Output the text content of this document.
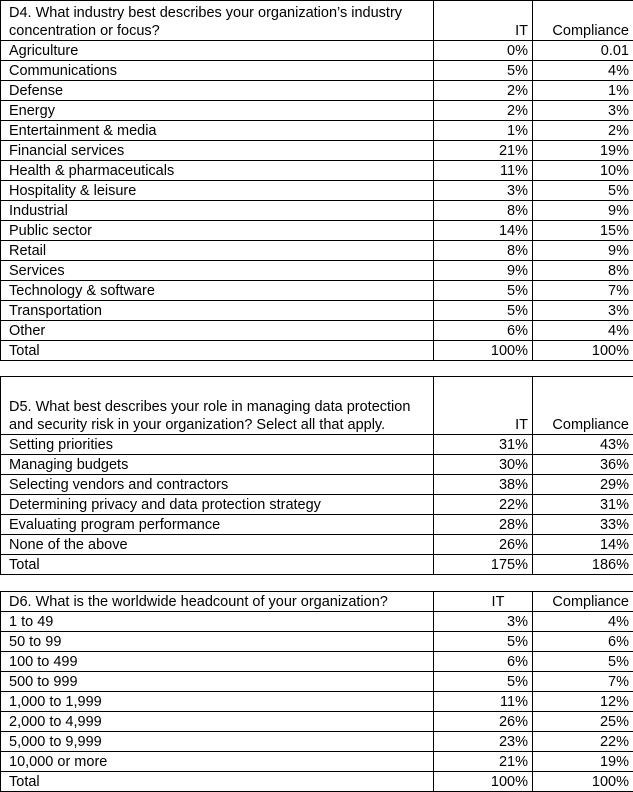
D4. What industry best describes your organization’s industry concentration or focus?	IT	Compliance
Agriculture	0%	0.01
Communications	5%	4%
Defense	2%	1%
Energy	2%	3%
Entertainment & media	1%	2%
Financial services	21%	19%
Health & pharmaceuticals	11%	10%
Hospitality & leisure	3%	5%
Industrial	8%	9%
Public sector	14%	15%
Retail	8%	9%
Services	9%	8%
Technology & software	5%	7%
Transportation	5%	3%
Other	6%	4%
Total	100%	100%
D5. What best describes your role in managing data protection and security risk in your organization? Select all that apply.	IT	Compliance
Setting priorities	31%	43%
Managing budgets	30%	36%
Selecting vendors and contractors	38%	29%
Determining privacy and data protection strategy	22%	31%
Evaluating program performance	28%	33%
None of the above	26%	14%
Total	175%	186%
D6. What is the worldwide headcount of your organization?	IT	Compliance
1 to 49	3%	4%
50 to 99	5%	6%
100 to 499	6%	5%
500 to 999	5%	7%
1,000 to 1,999	11%	12%
2,000 to 4,999	26%	25%
5,000 to 9,999	23%	22%
10,000 or more	21%	19%
Total	100%	100%
